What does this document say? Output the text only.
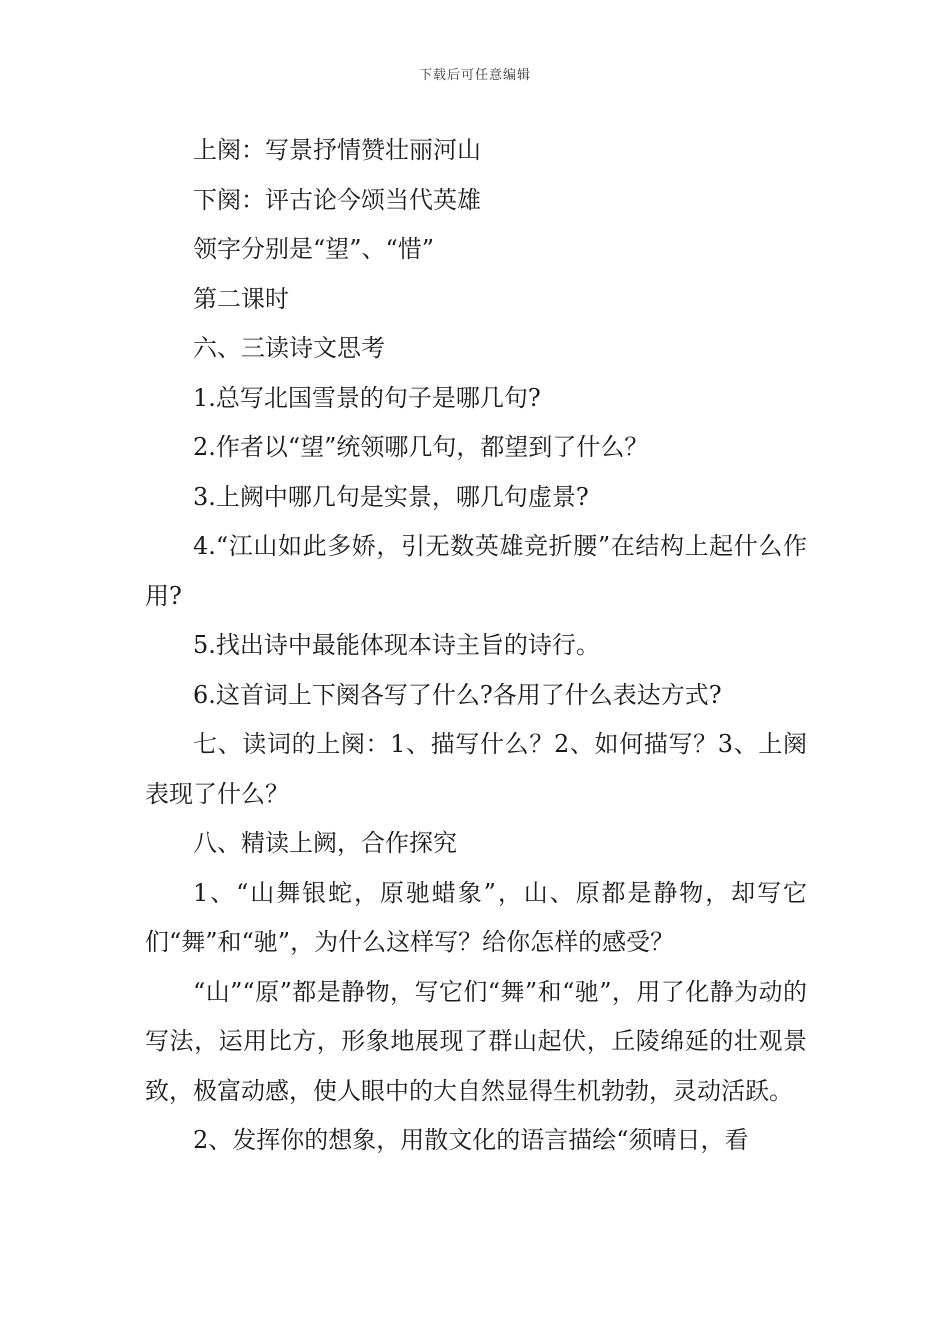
下载后可任意编辑

上阕：写景抒情赞壮丽河山

下阕：评古论今颂当代英雄

领字分别是“望”、“惜”

第二课时

六、三读诗文思考

1.总写北国雪景的句子是哪几句?

2.作者以“望”统领哪几句，都望到了什么？

3.上阙中哪几句是实景，哪几句虚景?

4.“江山如此多娇，引无数英雄竞折腰”在结构上起什么作用?

5.找出诗中最能体现本诗主旨的诗行。

6.这首词上下阕各写了什么?各用了什么表达方式?

七、读词的上阕：1、描写什么？2、如何描写？3、上阕表现了什么？

八、精读上阙，合作探究

1、“山舞银蛇，原驰蜡象”，山、原都是静物，却写它们“舞”和“驰”，为什么这样写？给你怎样的感受？

“山”“原”都是静物，写它们“舞”和“驰”，用了化静为动的写法，运用比方，形象地展现了群山起伏，丘陵绵延的壮观景致，极富动感，使人眼中的大自然显得生机勃勃，灵动活跃。

2、发挥你的想象，用散文化的语言描绘“须晴日，看
